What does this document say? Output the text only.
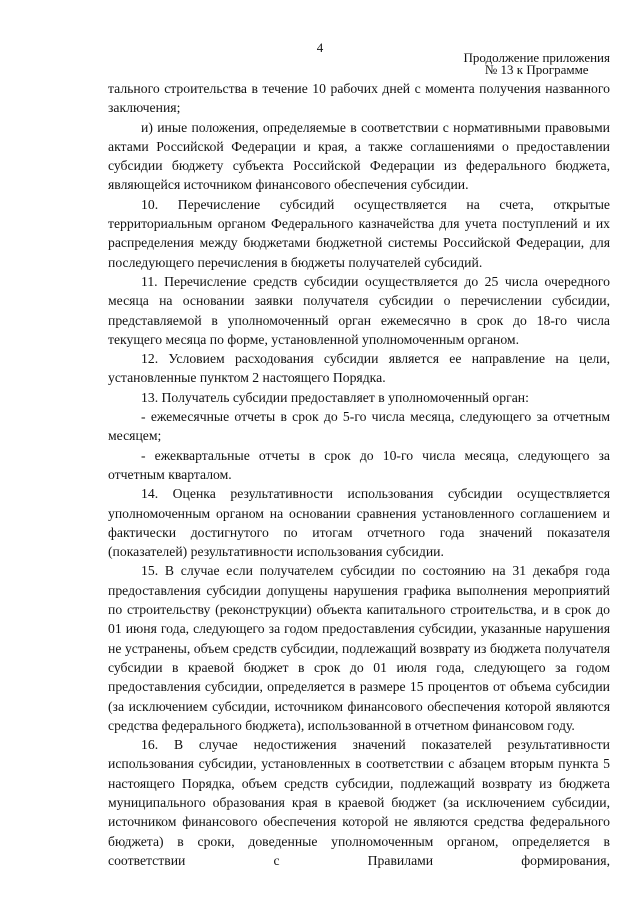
4
Продолжение приложения
№ 13 к Программе

тального строительства в течение 10 рабочих дней с момента получения названного заключения;

и) иные положения, определяемые в соответствии с нормативными правовыми актами Российской Федерации и края, а также соглашениями о предоставлении субсидии бюджету субъекта Российской Федерации из федерального бюджета, являющейся источником финансового обеспечения субсидии.

10. Перечисление субсидий осуществляется на счета, открытые территориальным органом Федерального казначейства для учета поступлений и их распределения между бюджетами бюджетной системы Российской Федерации, для последующего перечисления в бюджеты получателей субсидий.

11. Перечисление средств субсидии осуществляется до 25 числа очередного месяца на основании заявки получателя субсидии о перечислении субсидии, представляемой в уполномоченный орган ежемесячно в срок до 18-го числа текущего месяца по форме, установленной уполномоченным органом.

12. Условием расходования субсидии является ее направление на цели, установленные пунктом 2 настоящего Порядка.

13. Получатель субсидии предоставляет в уполномоченный орган:

- ежемесячные отчеты в срок до 5-го числа месяца, следующего за отчетным месяцем;

- ежеквартальные отчеты в срок до 10-го числа месяца, следующего за отчетным кварталом.

14. Оценка результативности использования субсидии осуществляется уполномоченным органом на основании сравнения установленного соглашением и фактически достигнутого по итогам отчетного года значений показателя (показателей) результативности использования субсидии.

15. В случае если получателем субсидии по состоянию на 31 декабря года предоставления субсидии допущены нарушения графика выполнения мероприятий по строительству (реконструкции) объекта капитального строительства, и в срок до 01 июня года, следующего за годом предоставления субсидии, указанные нарушения не устранены, объем средств субсидии, подлежащий возврату из бюджета получателя субсидии в краевой бюджет в срок до 01 июля года, следующего за годом предоставления субсидии, определяется в размере 15 процентов от объема субсидии (за исключением субсидии, источником финансового обеспечения которой являются средства федерального бюджета), использованной в отчетном финансовом году.

16. В случае недостижения значений показателей результативности использования субсидии, установленных в соответствии с абзацем вторым пункта 5 настоящего Порядка, объем средств субсидии, подлежащий возврату из бюджета муниципального образования края в краевой бюджет (за исключением субсидии, источником финансового обеспечения которой не являются средства федерального бюджета) в сроки, доведенные уполномоченным органом, определяется в соответствии с Правилами формирования,
